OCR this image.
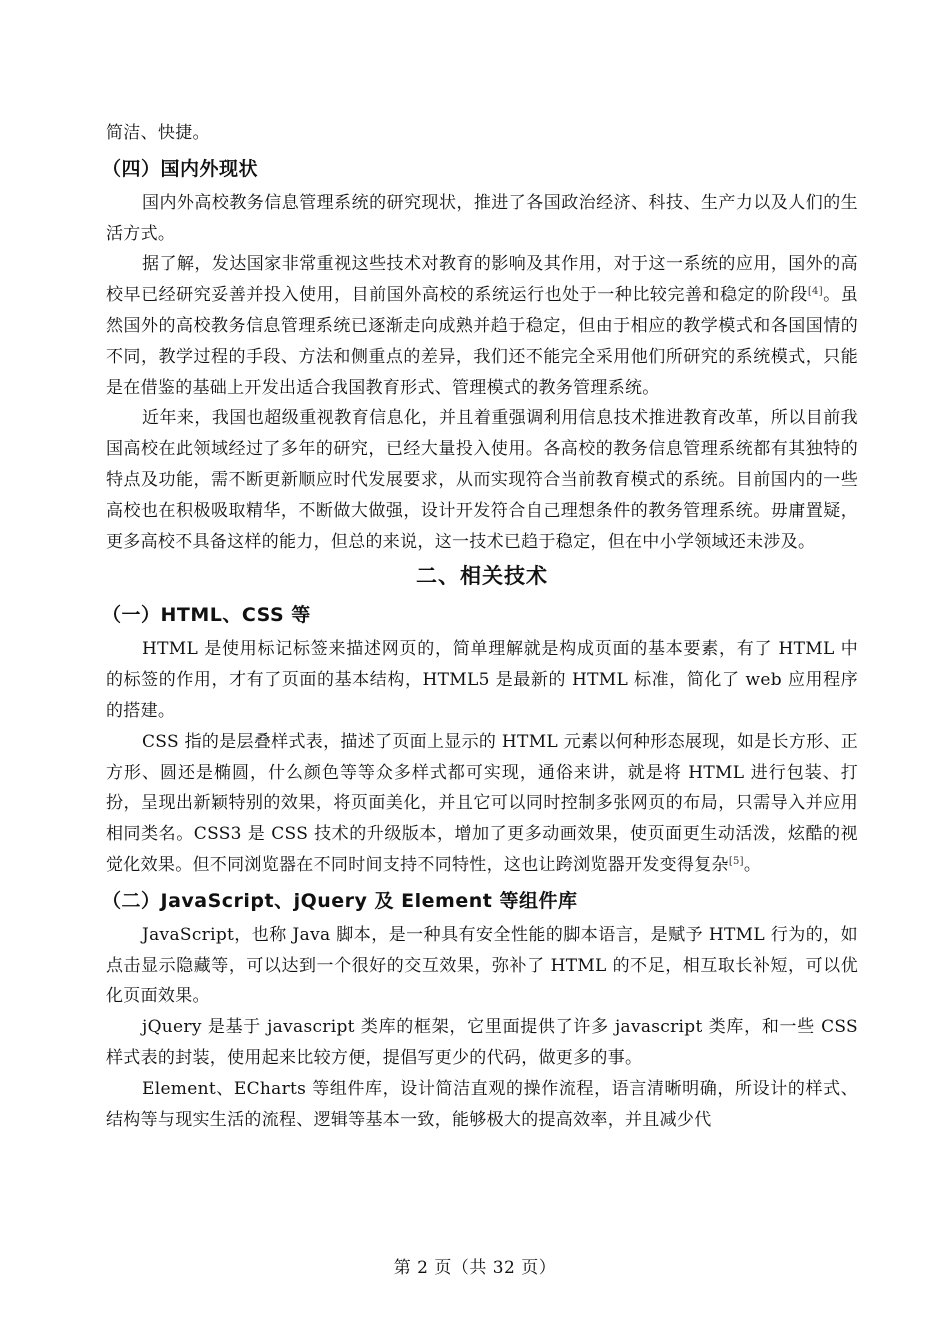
简洁、快捷。

（四）国内外现状

国内外高校教务信息管理系统的研究现状，推进了各国政治经济、科技、生产力以及人们的生活方式。

据了解，发达国家非常重视这些技术对教育的影响及其作用，对于这一系统的应用，国外的高校早已经研究妥善并投入使用，目前国外高校的系统运行也处于一种比较完善和稳定的阶段[4]。虽然国外的高校教务信息管理系统已逐渐走向成熟并趋于稳定，但由于相应的教学模式和各国国情的不同，教学过程的手段、方法和侧重点的差异，我们还不能完全采用他们所研究的系统模式，只能是在借鉴的基础上开发出适合我国教育形式、管理模式的教务管理系统。

近年来，我国也超级重视教育信息化，并且着重强调利用信息技术推进教育改革，所以目前我国高校在此领域经过了多年的研究，已经大量投入使用。各高校的教务信息管理系统都有其独特的特点及功能，需不断更新顺应时代发展要求，从而实现符合当前教育模式的系统。目前国内的一些高校也在积极吸取精华，不断做大做强，设计开发符合自己理想条件的教务管理系统。毋庸置疑，更多高校不具备这样的能力，但总的来说，这一技术已趋于稳定，但在中小学领域还未涉及。

二、相关技术
（一）HTML、CSS 等

HTML 是使用标记标签来描述网页的，简单理解就是构成页面的基本要素，有了 HTML 中的标签的作用，才有了页面的基本结构，HTML5 是最新的 HTML 标准，简化了 web 应用程序的搭建。

CSS 指的是层叠样式表，描述了页面上显示的 HTML 元素以何种形态展现，如是长方形、正方形、圆还是椭圆，什么颜色等等众多样式都可实现，通俗来讲，就是将 HTML 进行包装、打扮，呈现出新颖特别的效果，将页面美化，并且它可以同时控制多张网页的布局，只需导入并应用相同类名。CSS3 是 CSS 技术的升级版本，增加了更多动画效果，使页面更生动活泼，炫酷的视觉化效果。但不同浏览器在不同时间支持不同特性，这也让跨浏览器开发变得复杂[5]。

（二）JavaScript、jQuery 及 Element 等组件库

JavaScript，也称 Java 脚本，是一种具有安全性能的脚本语言，是赋予 HTML 行为的，如点击显示隐藏等，可以达到一个很好的交互效果，弥补了 HTML 的不足，相互取长补短，可以优化页面效果。

jQuery 是基于 javascript 类库的框架，它里面提供了许多 javascript 类库，和一些 CSS 样式表的封装，使用起来比较方便，提倡写更少的代码，做更多的事。

Element、ECharts 等组件库，设计简洁直观的操作流程，语言清晰明确，所设计的样式、结构等与现实生活的流程、逻辑等基本一致，能够极大的提高效率，并且减少代

第 2 页（共 32 页）
